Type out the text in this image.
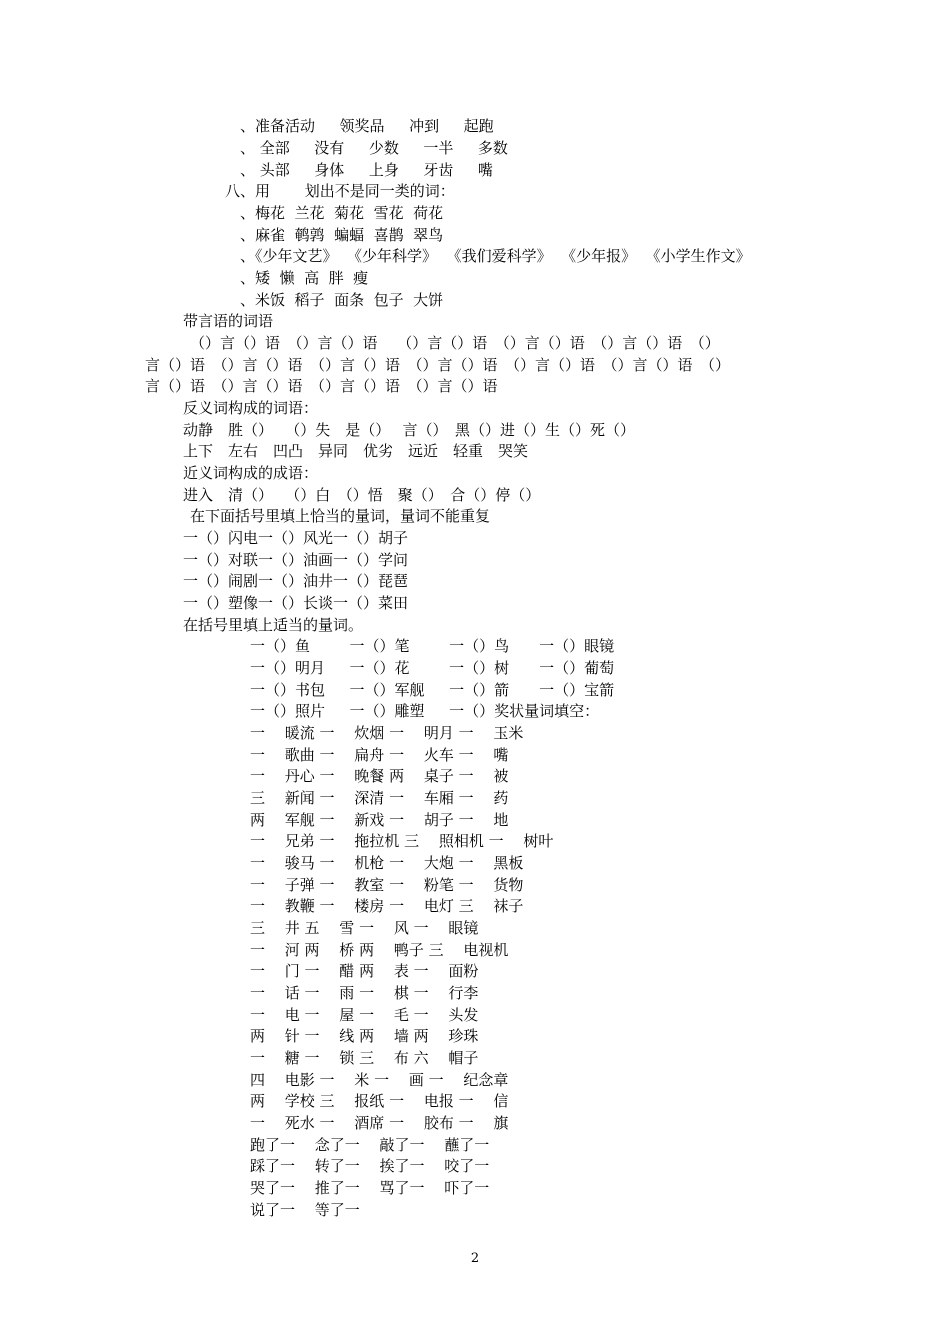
、准备活动　  领奖品　  冲到　  起跑
、 全部　  没有　  少数　  一半　  多数
、 头部　  身体　  上身　  牙齿　  嘴
八、用　　 划出不是同一类的词：
、梅花  兰花  菊花  雪花  荷花
、麻雀  鹌鹑  蝙蝠  喜鹊  翠鸟
、《少年文艺》  《少年科学》  《我们爱科学》  《少年报》  《小学生作文》
、矮  懒  高  胖  瘦
、米饭  稻子  面条  包子  大饼
带言语的词语
（）言（）语　（）言（）语　 （）言（）语　（）言（）语　（）言（）语　（）
言（）语　（）言（）语　（）言（）语　（）言（）语　（）言（）语　（）言（）语　（）
言（）语　（）言（）语　（）言（）语　（）言（）语
反义词构成的词语：
动静　胜（）　 （）失　是（）　 言（）　黑（）进（）生（）死（）
上下　左右　凹凸　异同　优劣　远近　轻重　哭笑
近义词构成的成语：
进入　清（）　 （）白　（）悟　聚（）　合（）停（）
在下面括号里填上恰当的量词，量词不能重复
一（）闪电一（）风光一（）胡子
一（）对联一（）油画一（）学问
一（）闹剧一（）油井一（）琵琶
一（）塑像一（）长谈一（）菜田
在括号里填上适当的量词。
一（）鱼　　  一（）笔　　  一（）鸟　　一（）眼镜
一（）明月　  一（）花　　  一（）树　　一（）葡萄
一（）书包　  一（）军舰　  一（）箭　　一（）宝箭
一（）照片　  一（）雕塑　  一（）奖状量词填空：
一　 暖流 一　 炊烟 一　 明月 一　 玉米
一　 歌曲 一　 扁舟 一　 火车 一　 嘴
一　 丹心 一　 晚餐 两　 桌子 一　 被
三　 新闻 一　 深清 一　 车厢 一　 药
两　 军舰 一　 新戏 一　 胡子 一　 地
一　 兄弟 一　 拖拉机 三　 照相机 一　 树叶
一　 骏马 一　 机枪 一　 大炮 一　 黑板
一　 子弹 一　 教室 一　 粉笔 一　 货物
一　 教鞭 一　 楼房 一　 电灯 三　 袜子
三　 井 五　 雪 一　 风 一　 眼镜
一　 河 两　 桥 两　 鸭子 三　 电视机
一　 门 一　 醋 两　 表 一　 面粉
一　 话 一　 雨 一　 棋 一　 行李
一　 电 一　 屋 一　 毛 一　 头发
两　 针 一　 线 两　 墙 两　 珍珠
一　 糖 一　 锁 三　 布 六　 帽子
四　 电影 一　 米 一　 画 一　 纪念章
两　 学校 三　 报纸 一　 电报 一　 信
一　 死水 一　 酒席 一　 胶布 一　 旗
跑了一　 念了一　 敲了一　 蘸了一
踩了一　 转了一　 挨了一　 咬了一
哭了一　 推了一　 骂了一　 吓了一
说了一　 等了一
2
